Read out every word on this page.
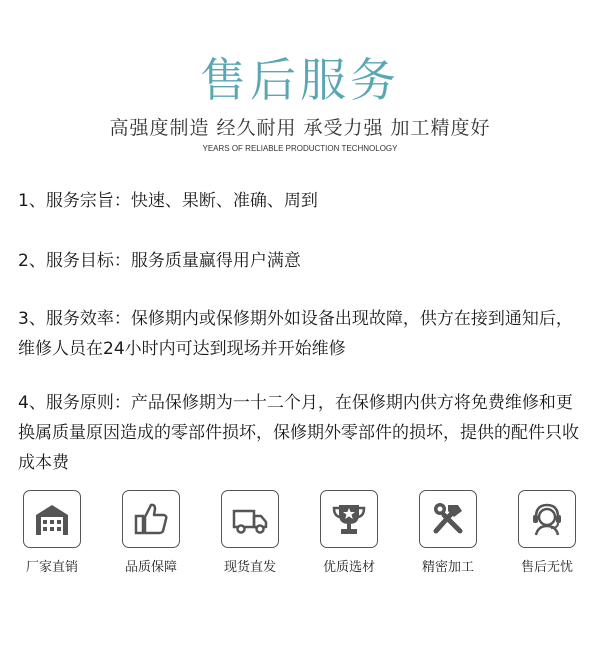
售后服务
高强度制造 经久耐用 承受力强 加工精度好
YEARS OF RELIABLE PRODUCTION TECHNOLOGY

1、服务宗旨：快速、果断、准确、周到

2、服务目标：服务质量赢得用户满意

3、服务效率：保修期内或保修期外如设备出现故障，供方在接到通知后，维修人员在24小时内可达到现场并开始维修

4、服务原则：产品保修期为一十二个月，在保修期内供方将免费维修和更换属质量原因造成的零部件损坏，保修期外零部件的损坏，提供的配件只收成本费

厂家直销	品质保障	现货直发	优质选材	精密加工	售后无忧
